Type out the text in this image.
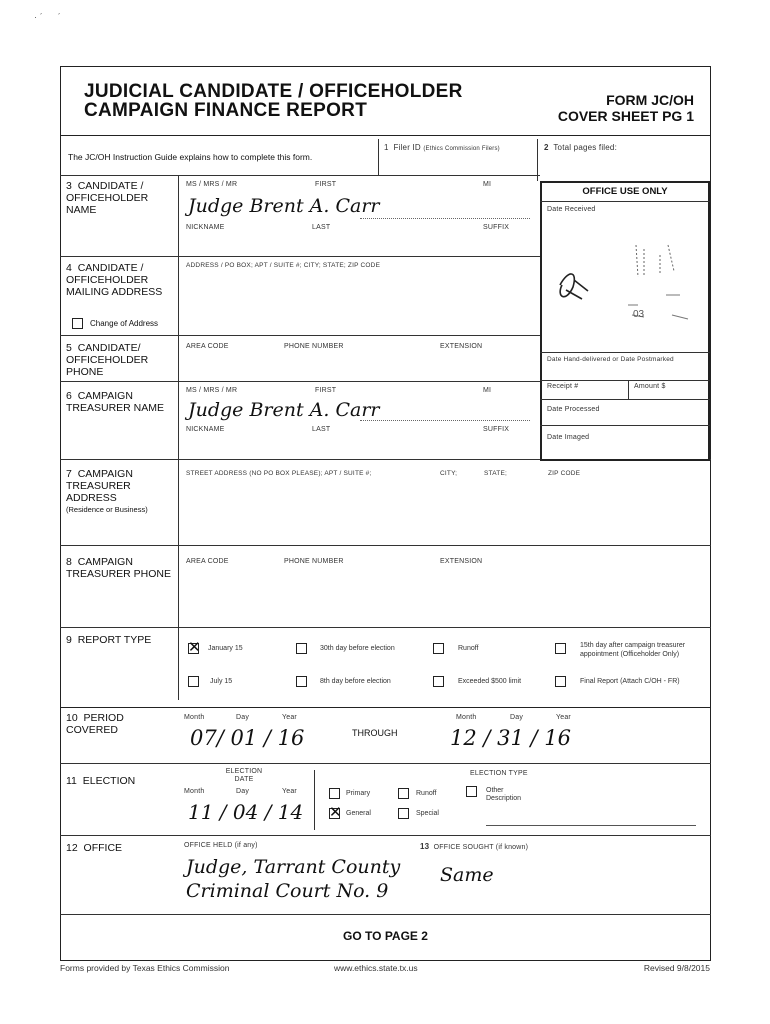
· ˊ      ˊ
JUDICIAL CANDIDATE / OFFICEHOLDER
CAMPAIGN FINANCE REPORT	FORM JC/OH
COVER SHEET PG 1
The JC/OH Instruction Guide explains how to complete this form.
1 Filer ID (Ethics Commission Filers)	2 Total pages filed:
3 CANDIDATE / OFFICEHOLDER NAME
MS / MRS / MR	FIRST	MI
Judge Brent A. Carr
NICKNAME	LAST	SUFFIX
4 CANDIDATE / OFFICEHOLDER MAILING ADDRESS
Change of Address
ADDRESS / PO BOX; APT / SUITE #; CITY; STATE; ZIP CODE
5 CANDIDATE/ OFFICEHOLDER PHONE
AREA CODE	PHONE NUMBER	EXTENSION
6 CAMPAIGN TREASURER NAME
MS / MRS / MR	FIRST	MI
Judge Brent A. Carr
NICKNAME	LAST	SUFFIX
OFFICE USE ONLY
Date Received
03
Date Hand-delivered or Date Postmarked
Receipt #	Amount $
Date Processed
Date Imaged
7 CAMPAIGN TREASURER ADDRESS
(Residence or Business)
STREET ADDRESS (NO PO BOX PLEASE); APT / SUITE #;	CITY;	STATE;	ZIP CODE
8 CAMPAIGN TREASURER PHONE
AREA CODE	PHONE NUMBER	EXTENSION
9 REPORT TYPE
✕
January 15	30th day before election	Runoff	15th day after campaign treasurer appointment (Officeholder Only)
July 15	8th day before election	Exceeded $500 limit	Final Report (Attach C/OH - FR)
10 PERIOD COVERED
Month	Day	Year
07/ 01 / 16	THROUGH
Month	Day	Year
12 / 31 / 16
11 ELECTION
ELECTION DATE
Month	Day	Year
11 / 04 / 14
ELECTION TYPE
Primary	Runoff	Other Description
✕
General	Special
12 OFFICE	OFFICE HELD (if any)
Judge, Tarrant County
Criminal Court No. 9
13 OFFICE SOUGHT (if known)
Same
GO TO PAGE 2
Forms provided by Texas Ethics Commission	www.ethics.state.tx.us	Revised 9/8/2015
